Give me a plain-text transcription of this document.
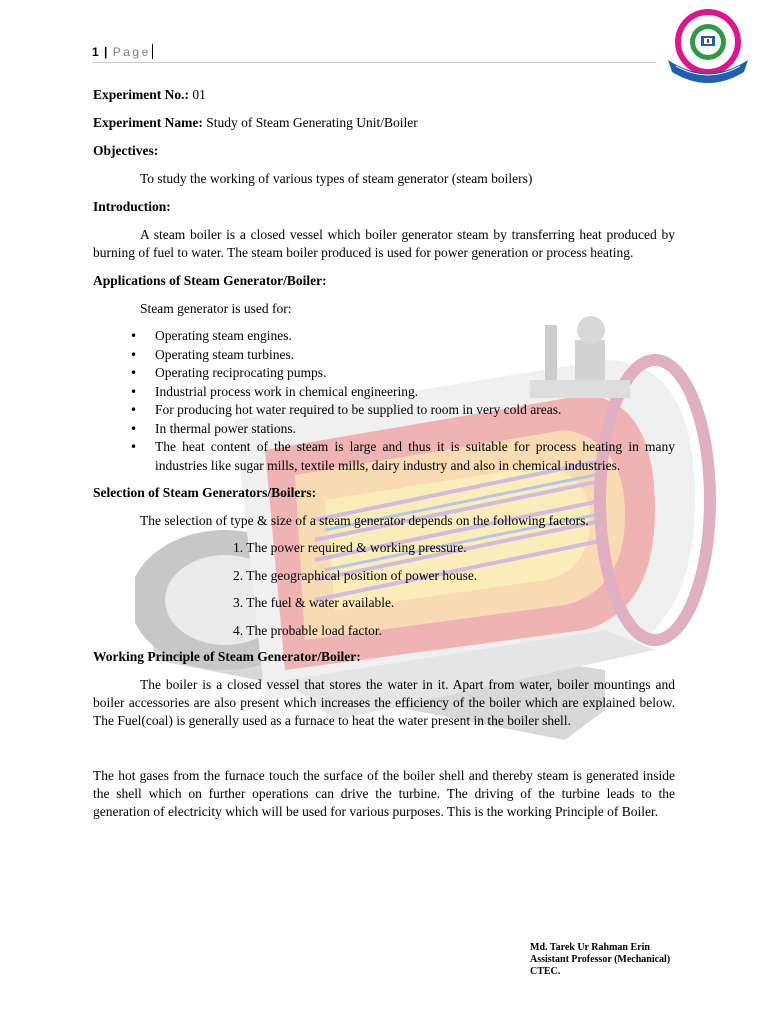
1 | Page

Experiment No.: 01

Experiment Name: Study of Steam Generating Unit/Boiler

Objectives:

To study the working of various types of steam generator (steam boilers)

Introduction:

A steam boiler is a closed vessel which boiler generator steam by transferring heat produced by burning of fuel to water. The steam boiler produced is used for power generation or process heating.

Applications of Steam Generator/Boiler:

Steam generator is used for:

• Operating steam engines.
• Operating steam turbines.
• Operating reciprocating pumps.
• Industrial process work in chemical engineering.
• For producing hot water required to be supplied to room in very cold areas.
• In thermal power stations.
• The heat content of the steam is large and thus it is suitable for process heating in many industries like sugar mills, textile mills, dairy industry and also in chemical industries.

Selection of Steam Generators/Boilers:

The selection of type & size of a steam generator depends on the following factors.

1. The power required & working pressure.
2. The geographical position of power house.
3. The fuel & water available.
4. The probable load factor.

Working Principle of Steam Generator/Boiler:

The boiler is a closed vessel that stores the water in it. Apart from water, boiler mountings and boiler accessories are also present which increases the efficiency of the boiler which are explained below. The Fuel(coal) is generally used as a furnace to heat the water present in the boiler shell.

The hot gases from the furnace touch the surface of the boiler shell and thereby steam is generated inside the shell which on further operations can drive the turbine. The driving of the turbine leads to the generation of electricity which will be used for various purposes. This is the working Principle of Boiler.

Md. Tarek Ur Rahman Erin
Assistant Professor (Mechanical)
CTEC.
